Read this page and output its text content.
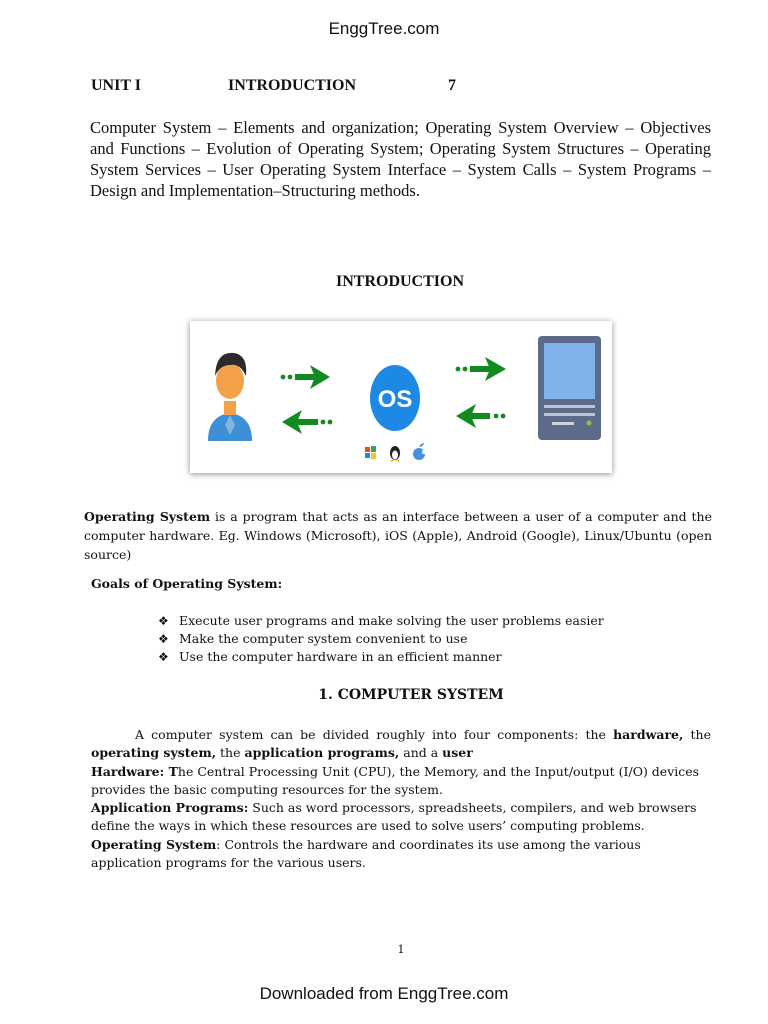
EnggTree.com
UNIT I	INTRODUCTION	7
Computer System – Elements and organization; Operating System Overview – Objectives and Functions – Evolution of Operating System; Operating System Structures – Operating System Services – User Operating System Interface – System Calls – System Programs – Design and Implementation–Structuring methods.
INTRODUCTION
OS
Operating System is a program that acts as an interface between a user of a computer and the computer hardware. Eg. Windows (Microsoft), iOS (Apple), Android (Google), Linux/Ubuntu (open source)
Goals of Operating System:
❖ Execute user programs and make solving the user problems easier
❖ Make the computer system convenient to use
❖ Use the computer hardware in an efficient manner
1. COMPUTER SYSTEM

A computer system can be divided roughly into four components: the hardware, the operating system, the application programs, and a user

Hardware: The Central Processing Unit (CPU), the Memory, and the Input/output (I/O) devices provides the basic computing resources for the system.

Application Programs: Such as word processors, spreadsheets, compilers, and web browsers define the ways in which these resources are used to solve users’ computing problems.

Operating System: Controls the hardware and coordinates its use among the various application programs for the various users.

1
Downloaded from EnggTree.com
